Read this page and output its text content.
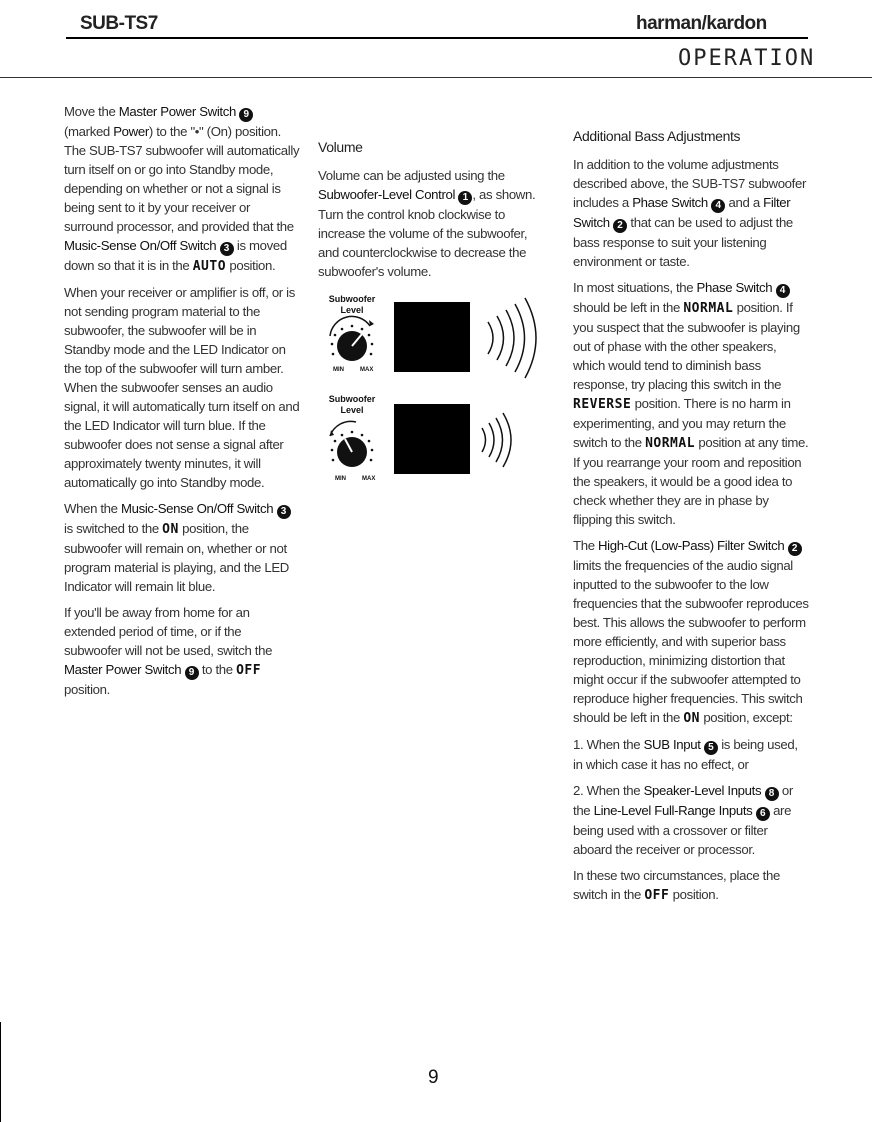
SUB-TS7	harman/kardon
OPERATION

Move the Master Power Switch 9 (marked Power) to the "•" (On) position. The SUB-TS7 subwoofer will automatically turn itself on or go into Standby mode, depending on whether or not a signal is being sent to it by your receiver or surround processor, and provided that the Music-Sense On/Off Switch 3 is moved down so that it is in the AUTO position.

When your receiver or amplifier is off, or is not sending program material to the subwoofer, the subwoofer will be in Standby mode and the LED Indicator on the top of the subwoofer will turn amber. When the subwoofer senses an audio signal, it will automatically turn itself on and the LED Indicator will turn blue. If the subwoofer does not sense a signal after approximately twenty minutes, it will automatically go into Standby mode.

When the Music-Sense On/Off Switch 3 is switched to the ON position, the subwoofer will remain on, whether or not program material is playing, and the LED Indicator will remain lit blue.

If you'll be away from home for an extended period of time, or if the subwoofer will not be used, switch the Master Power Switch 9 to the OFF position.

Volume

Volume can be adjusted using the Subwoofer-Level Control 1 , as shown. Turn the control knob clockwise to increase the volume of the subwoofer, and counterclockwise to decrease the subwoofer's volume.

Subwoofer Level
MIN	MAX
Subwoofer Level
MIN	MAX

Additional Bass Adjustments

In addition to the volume adjustments described above, the SUB-TS7 subwoofer includes a Phase Switch 4 and a Filter Switch 2 that can be used to adjust the bass response to suit your listening environment or taste.

In most situations, the Phase Switch 4 should be left in the NORMAL position. If you suspect that the subwoofer is playing out of phase with the other speakers, which would tend to diminish bass response, try placing this switch in the REVERSE position. There is no harm in experimenting, and you may return the switch to the NORMAL position at any time. If you rearrange your room and reposition the speakers, it would be a good idea to check whether they are in phase by flipping this switch.

The High-Cut (Low-Pass) Filter Switch 2 limits the frequencies of the audio signal inputted to the subwoofer to the low frequencies that the subwoofer reproduces best. This allows the subwoofer to perform more efficiently, and with superior bass reproduction, minimizing distortion that might occur if the subwoofer attempted to reproduce higher frequencies. This switch should be left in the ON position, except:

1. When the SUB Input 5 is being used, in which case it has no effect, or

2. When the Speaker-Level Inputs 8 or the Line-Level Full-Range Inputs 6 are being used with a crossover or filter aboard the receiver or processor.

In these two circumstances, place the switch in the OFF position.

9
